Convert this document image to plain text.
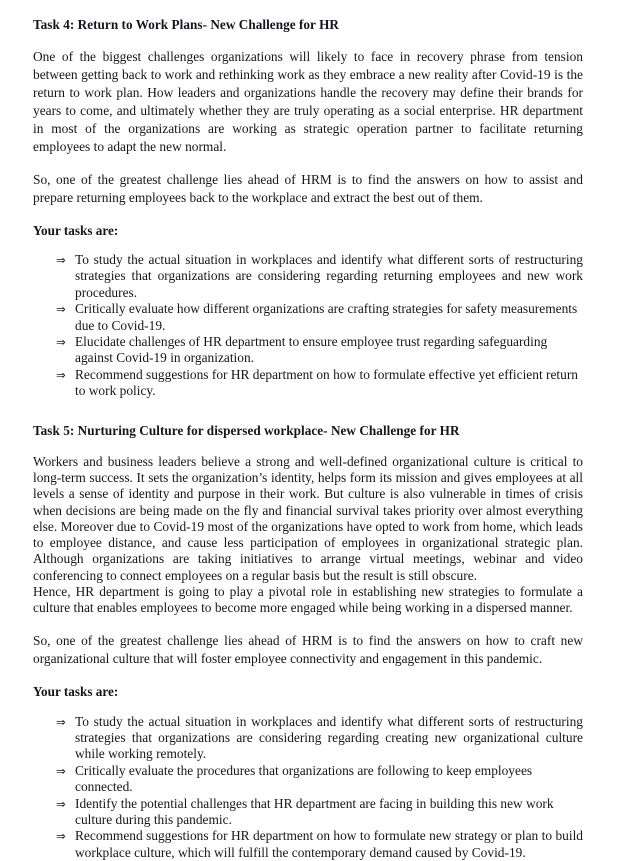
Task 4: Return to Work Plans- New Challenge for HR

One of the biggest challenges organizations will likely to face in recovery phrase from tension between getting back to work and rethinking work as they embrace a new reality after Covid-19 is the return to work plan. How leaders and organizations handle the recovery may define their brands for years to come, and ultimately whether they are truly operating as a social enterprise. HR department in most of the organizations are working as strategic operation partner to facilitate returning employees to adapt the new normal.

So, one of the greatest challenge lies ahead of HRM is to find the answers on how to assist and prepare returning employees back to the workplace and extract the best out of them.

Your tasks are:

⇒ To study the actual situation in workplaces and identify what different sorts of restructuring strategies that organizations are considering regarding returning employees and new work procedures.
⇒ Critically evaluate how different organizations are crafting strategies for safety measurements due to Covid-19.
⇒ Elucidate challenges of HR department to ensure employee trust regarding safeguarding against Covid-19 in organization.
⇒ Recommend suggestions for HR department on how to formulate effective yet efficient return to work policy.
Task 5: Nurturing Culture for dispersed workplace- New Challenge for HR

Workers and business leaders believe a strong and well-defined organizational culture is critical to long-term success. It sets the organization’s identity, helps form its mission and gives employees at all levels a sense of identity and purpose in their work. But culture is also vulnerable in times of crisis when decisions are being made on the fly and financial survival takes priority over almost everything else. Moreover due to Covid-19 most of the organizations have opted to work from home, which leads to employee distance, and cause less participation of employees in organizational strategic plan. Although organizations are taking initiatives to arrange virtual meetings, webinar and video conferencing to connect employees on a regular basis but the result is still obscure.

Hence, HR department is going to play a pivotal role in establishing new strategies to formulate a culture that enables employees to become more engaged while being working in a dispersed manner.

So, one of the greatest challenge lies ahead of HRM is to find the answers on how to craft new organizational culture that will foster employee connectivity and engagement in this pandemic.

Your tasks are:

⇒ To study the actual situation in workplaces and identify what different sorts of restructuring strategies that organizations are considering regarding creating new organizational culture while working remotely.
⇒ Critically evaluate the procedures that organizations are following to keep employees connected.
⇒ Identify the potential challenges that HR department are facing in building this new work culture during this pandemic.
⇒ Recommend suggestions for HR department on how to formulate new strategy or plan to build workplace culture, which will fulfill the contemporary demand caused by Covid-19.
